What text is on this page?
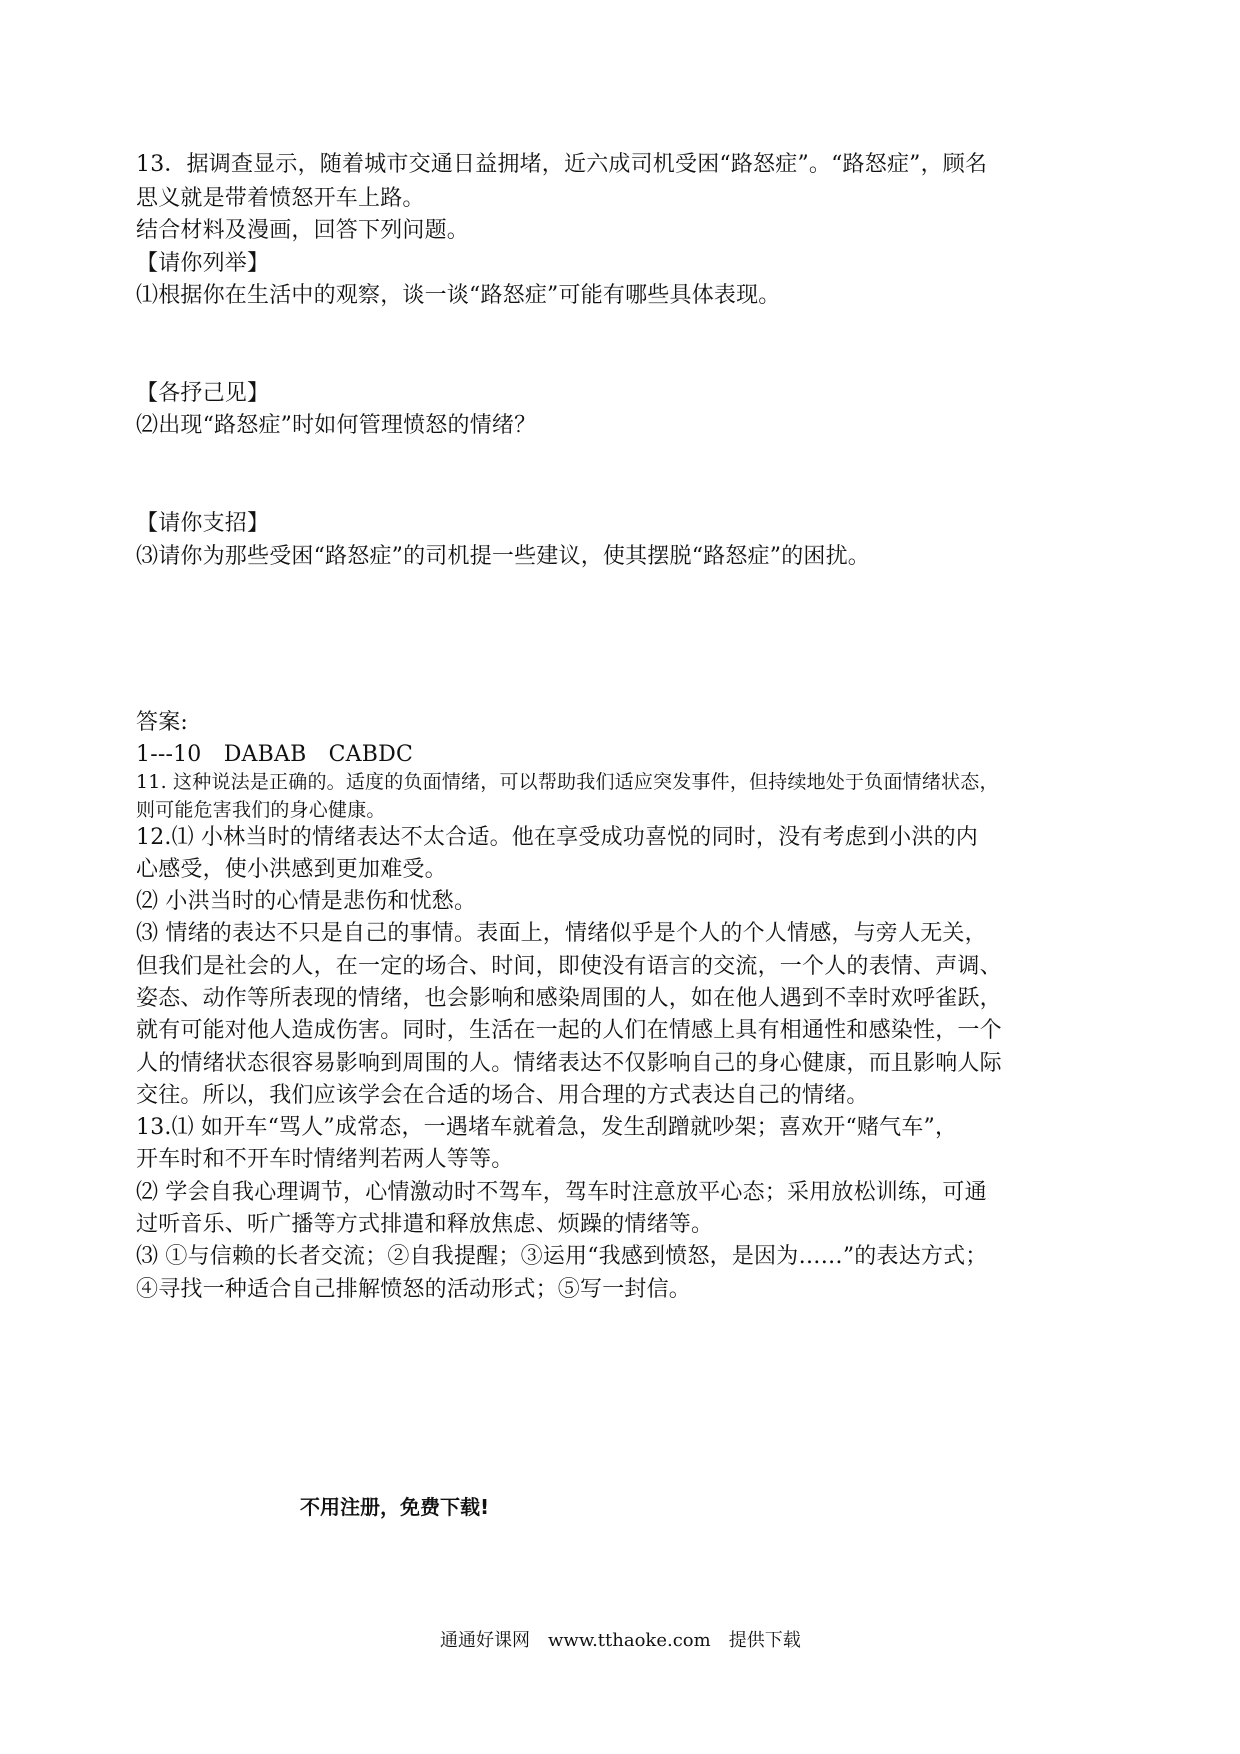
13．据调查显示，随着城市交通日益拥堵，近六成司机受困“路怒症”。“路怒症”，顾名
思义就是带着愤怒开车上路。
结合材料及漫画，回答下列问题。
【请你列举】
⑴根据你在生活中的观察，谈一谈“路怒症”可能有哪些具体表现。
【各抒己见】
⑵出现“路怒症”时如何管理愤怒的情绪？
【请你支招】
⑶请你为那些受困“路怒症”的司机提一些建议，使其摆脱“路怒症”的困扰。
答案:
1---10　DABAB　CABDC
11. 这种说法是正确的。适度的负面情绪，可以帮助我们适应突发事件，但持续地处于负面情绪状态，
则可能危害我们的身心健康。
12.⑴ 小林当时的情绪表达不太合适。他在享受成功喜悦的同时，没有考虑到小洪的内
心感受，使小洪感到更加难受。
⑵ 小洪当时的心情是悲伤和忧愁。
⑶ 情绪的表达不只是自己的事情。表面上，情绪似乎是个人的个人情感，与旁人无关，
但我们是社会的人，在一定的场合、时间，即使没有语言的交流，一个人的表情、声调、
姿态、动作等所表现的情绪，也会影响和感染周围的人，如在他人遇到不幸时欢呼雀跃，
就有可能对他人造成伤害。同时，生活在一起的人们在情感上具有相通性和感染性，一个
人的情绪状态很容易影响到周围的人。情绪表达不仅影响自己的身心健康，而且影响人际
交往。所以，我们应该学会在合适的场合、用合理的方式表达自己的情绪。
13.⑴ 如开车“骂人”成常态，一遇堵车就着急，发生刮蹭就吵架；喜欢开“赌气车”，
开车时和不开车时情绪判若两人等等。
⑵ 学会自我心理调节，心情激动时不驾车，驾车时注意放平心态；采用放松训练，可通
过听音乐、听广播等方式排遣和释放焦虑、烦躁的情绪等。
⑶ ①与信赖的长者交流；②自我提醒；③运用“我感到愤怒，是因为……”的表达方式；
④寻找一种适合自己排解愤怒的活动形式；⑤写一封信。
不用注册，免费下载!
通通好课网　www.tthaoke.com　提供下载
